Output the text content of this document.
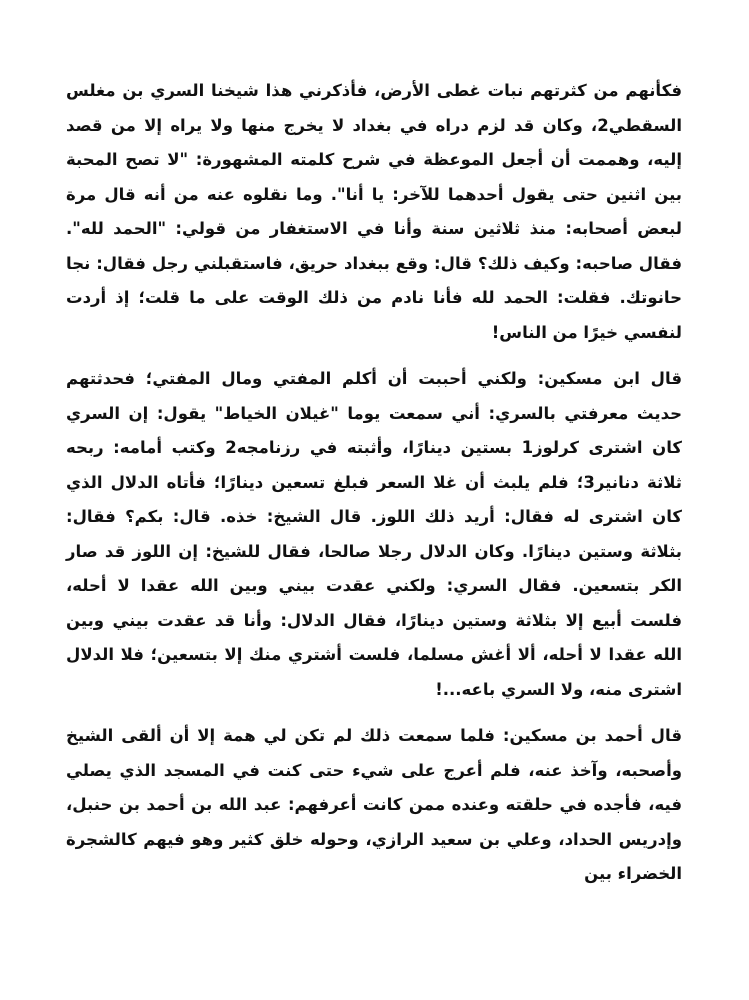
فكأنهم من كثرتهم نبات غطى الأرض، فأذكرني هذا شيخنا السري بن مغلس السقطي2، وكان قد لزم دراه في بغداد لا يخرج منها ولا يراه إلا من قصد إليه، وهممت أن أجعل الموعظة في شرح كلمته المشهورة: "لا تصح المحبة بين اثنين حتى يقول أحدهما للآخر: يا أنا". وما نقلوه عنه من أنه قال مرة لبعض أصحابه: منذ ثلاثين سنة وأنا في الاستغفار من قولي: "الحمد لله". فقال صاحبه: وكيف ذلك؟ قال: وقع ببغداد حريق، فاستقبلني رجل فقال: نجا حانوتك. فقلت: الحمد لله فأنا نادم من ذلك الوقت على ما قلت؛ إذ أردت لنفسي خيرًا من الناس!

قال ابن مسكين: ولكني أحببت أن أكلم المفتي ومال المفتي؛ فحدثتهم حديث معرفتي بالسري: أني سمعت يوما "غيلان الخياط" يقول: إن السري كان اشترى كرلوز1 بستين دينارًا، وأثبته في رزنامجه2 وكتب أمامه: ربحه ثلاثة دنانير3؛ فلم يلبث أن غلا السعر فبلغ تسعين دينارًا؛ فأتاه الدلال الذي كان اشترى له فقال: أريد ذلك اللوز. قال الشيخ: خذه. قال: بكم؟ فقال: بثلاثة وستين دينارًا. وكان الدلال رجلا صالحا، فقال للشيخ: إن اللوز قد صار الكر بتسعين. فقال السري: ولكني عقدت بيني وبين الله عقدا لا أحله، فلست أبيع إلا بثلاثة وستين دينارًا، فقال الدلال: وأنا قد عقدت بيني وبين الله عقدا لا أحله، ألا أغش مسلما، فلست أشتري منك إلا بتسعين؛ فلا الدلال اشترى منه، ولا السري باعه...!

قال أحمد بن مسكين: فلما سمعت ذلك لم تكن لي همة إلا أن ألقى الشيخ وأصحبه، وآخذ عنه، فلم أعرج على شيء حتى كنت في المسجد الذي يصلي فيه، فأجده في حلقته وعنده ممن كانت أعرفهم: عبد الله بن أحمد بن حنبل، وإدريس الحداد، وعلي بن سعيد الرازي، وحوله خلق كثير وهو فيهم كالشجرة الخضراء بين
